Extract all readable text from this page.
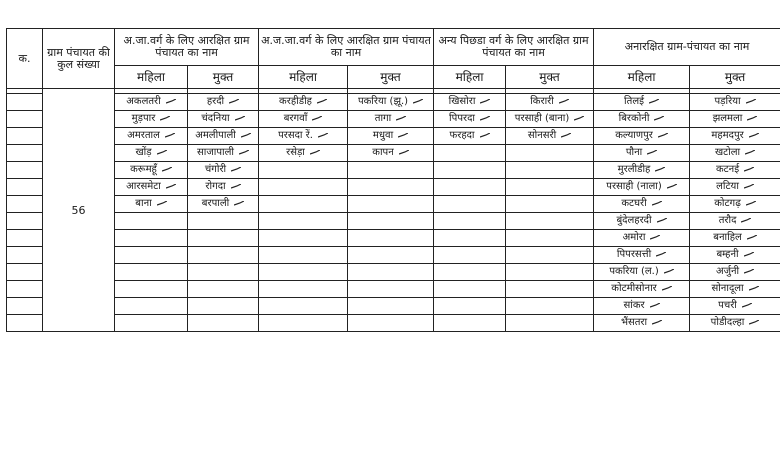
क.	ग्राम पंचायत की कुल संख्या	अ.जा.वर्ग के लिए आरक्षित ग्राम पंचायत का नाम		अ.ज.जा.वर्ग के लिए आरक्षित ग्राम पंचायत का नाम		अन्य पिछडा वर्ग के लिए आरक्षित ग्राम पंचायत का नाम		अनारक्षित ग्राम-पंचायत का नाम	
		महिला	मुक्त	महिला	मुक्त	महिला	मुक्त	महिला	मुक्त
	56								
		अकलतरी	हरदी	करहीडीह	पकरिया (झू.)	खिसोरा	किरारी	तिलई	पड़रिया

		मुड़पार	चंदनिया	बरगवाँ	तागा	पिपरदा	परसाही (बाना)	बिरकोनी	झलमला

		अमरताल	अमलीपाली	परसदा रें.	मधुवा	फरहदा	सोनसरी	कल्याणपुर	महमदपुर

		खोंड़	साजापाली	रसेड़ा	कापन			पौना	खटोला

		करूमहूँ	चंगोरी					मुरलीडीह	कटनई

		आरसमेटा	रोगदा					परसाही (नाला)	लटिया

		बाना	बरपाली					कटघरी	कोटगढ़

								बुंदेलहरदी	तरौद

								अमोरा	बनाहिल

								पिपरसत्ती	बम्हनी

								पकरिया (ल.)	अर्जुनी

								कोटमीसोनार	सोनादूला

								सांकर	पचरी

								भैंसतरा	पोडीदल्हा
